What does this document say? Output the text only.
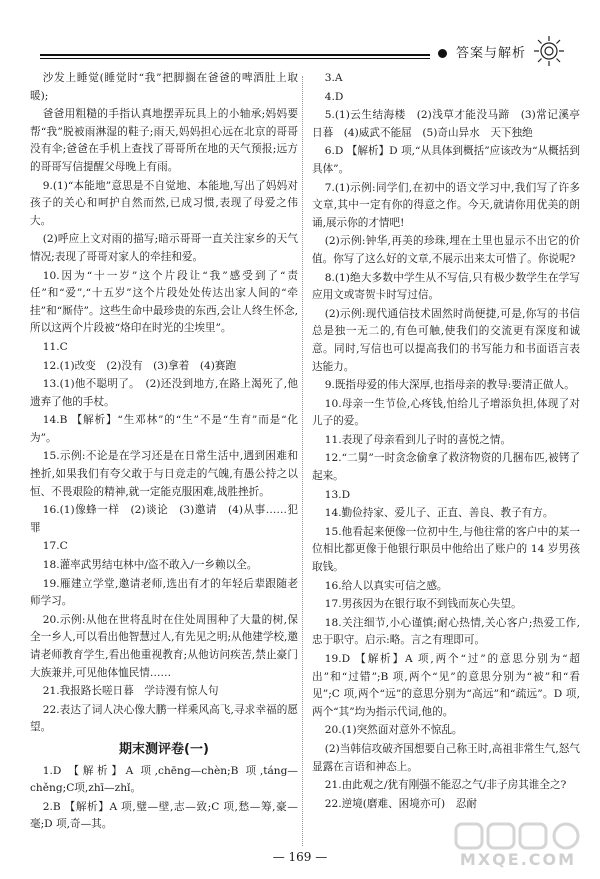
答案与解析

沙发上睡觉(睡觉时“我”把脚搁在爸爸的啤酒肚上取暖);

爸爸用粗糙的手指认真地摆弄玩具上的小轴承;妈妈要帮“我”脱被雨淋湿的鞋子;雨天,妈妈担心远在北京的哥哥没有伞;爸爸在手机上查找了哥哥所在地的天气预报;远方的哥哥写信提醒父母晚上有雨。

9.(1)“本能地”意思是不自觉地、本能地,写出了妈妈对孩子的关心和呵护自然而然,已成习惯,表现了母爱之伟大。

(2)呼应上文对雨的描写;暗示哥哥一直关注家乡的天气情况;表现了哥哥对家人的牵挂和爱。

10.因为“十一岁”这个片段让“我”感受到了“责任”和“爱”,“十五岁”这个片段处处传达出家人间的“牵挂”和“厮侍”。这些生命中最珍贵的东西,会让人终生怀念,所以这两个片段被“烙印在时光的尘埃里”。

11.C

12.(1)改变　(2)没有　(3)拿着　(4)赛跑

13.(1)他不聪明了。　(2)还没到地方,在路上渴死了,他遗弃了他的手杖。

14.B 【解析】“生邓林”的“生”不是“生育”而是“化为”。

15.示例:不论是在学习还是在日常生活中,遇到困难和挫折,如果我们有夸父敢于与日竞走的气魄,有愚公持之以恒、不畏艰险的精神,就一定能克服困难,战胜挫折。

16.(1)像蜂一样　(2)谈论　(3)邀请　(4)从事……犯罪

17.C

18.灌率武男结屯林中/盗不敢入/一乡赖以全。

19.雁建立学堂,邀请老师,选出有才的年轻后辈跟随老师学习。

20.示例:从他在世将乱时在住处周围种了大量的树,保全一乡人,可以看出他智慧过人,有先见之明;从他建学校,邀请老师教育学生,看出他重视教育;从他访问疾苦,禁止豪门大族兼并,可见他体恤民情……

21.我报路长嗟日暮　学诗漫有惊人句

22.表达了词人决心像大鹏一样乘风高飞,寻求幸福的愿望。

期末测评卷(一)

1.D 【解析】A 项,chēng—chèn;B 项,táng—chěng;C项,zhī—zhǐ。

2.B 【解析】A 项,璧—壁,志—致;C 项,愁—筹,豪—毫;D 项,奇—其。

3.A

4.D

5.(1)云生结海楼　(2)浅草才能没马蹄　(3)常记溪亭日暮　(4)威武不能屈　(5)奇山异水　天下独绝

6.D 【解析】D 项,“从具体到概括”应该改为“从概括到具体”。

7.(1)示例:同学们,在初中的语文学习中,我们写了许多文章,其中一定有你的得意之作。今天,就请你用优美的朗诵,展示你的才情吧!

(2)示例:钟华,再美的珍珠,埋在土里也显示不出它的价值。你写了这么好的文章,不展示出来太可惜了。你说呢?

8.(1)绝大多数中学生从不写信,只有极少数学生在学写应用文或寄贺卡时写过信。

(2)示例:现代通信技术固然时尚便捷,可是,你写的书信总是独一无二的,有色可触,使我们的交流更有深度和诚意。同时,写信也可以提高我们的书写能力和书面语言表达能力。

9.既指母爱的伟大深厚,也指母亲的教导:要清正做人。

10.母亲一生节俭,心疼钱,怕给儿子增添负担,体现了对儿子的爱。

11.表现了母亲看到儿子时的喜悦之情。

12.“二舅”一时贪念偷拿了救济物资的几捆布匹,被铐了起来。

13.D

14.勤俭持家、爱儿子、正直、善良、教子有方。

15.他看起来便像一位初中生,与他往常的客户中的某一位相比都更像于他银行职员中他给出了账户的 14 岁男孩取钱。

16.给人以真实可信之感。

17.男孩因为在银行取不到钱而灰心失望。

18.关注细节,小心谨慎;耐心热情,关心客户;热爱工作,忠于职守。启示:略。言之有理即可。

19.D 【解析】A 项,两个“过”的意思分别为“超出”和“过错”;B 项,两个“见”的意思分别为“被”和“看见”;C 项,两个“远”的意思分别为“高远”和“疏远”。D 项,两个“其”均为指示代词,他的。

20.(1)突然面对意外不惊乱。

(2)当韩信攻破齐国想要自己称王时,高祖非常生气,怒气显露在言语和神态上。

21.由此观之/犹有刚强不能忍之气/非子房其谁全之?

22.逆境(磨难、困境亦可)　忍耐

— 169 —	MXQE.COM
